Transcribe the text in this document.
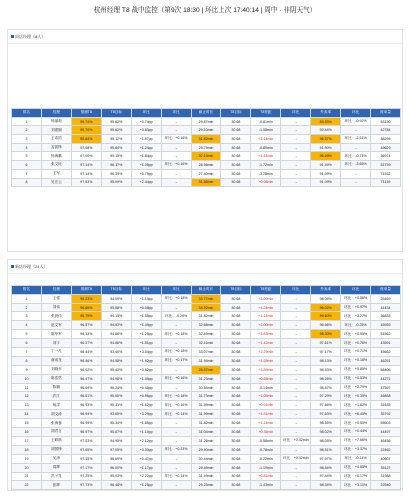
杭州经理 T8 战中监控（第9次 18:30 | 环比上次 17:40:14 | 周中 · 非阴天气）
同店经理（8人）
排名	经理	预测T8	T8目标	环比	环比	截止时长	T8目标	T8差距	环比	外卖率	环比	账单量
1	杨丽莉	99.74%	95.62%	+0.74pp	→	29.87min	30.68	-0.81min	→	89.93%	环比：-0.92%	63150
2	刘建刚	95.70%	95.62%	+0.63pp	→	29.10min	30.68	-1.58min	→	92.44%	→	42784
3	王希国	90.84%	95.12%	+1.97pp	环比：+0.16%	31.82min	30.68	+1.14min	→	96.57%	环比：-2.51%	38295
4	孟凯锋	97.08%	95.84%	+1.24pp	→	29.79min	30.68	-0.89min	→	91.90%	→	49629
5	杨海鹏	97.00%	95.15%	+1.84pp	→	32.13min	30.68	+1.44min	→	96.49%	环比：-0.74%	36974
6	张文旺	97.14%	96.17%	+1.05pp	环比：+0.16%	28.96min	30.68	-1.72min	→	91.49%	环比：-3.65%	51759
7	王军	97.14%	96.39%	+0.75pp	→	27.40min	30.68	-3.28min	→	91.09%	→	71532
8	吴宏云	97.53%	95.09%	+2.44pp	→	31.66min	30.68	+0.98min	→	91.09%	→	71139
新店经理（24人）
排名	经理	预测T8	T8目标	环比	环比	截止时长	T8目标	T8差距	环比	外卖率	环比	账单量
1	王强	95.23%	94.09%	+1.14pp	环比：+0.18%	33.77min	30.68	+3.09min	→	98.04%	环比：+0.56%	25469
2	刘伟	96.66%	95.58%	+0.08pp	→	34.92min	30.68	+4.24min	→	96.02%	环比：+0.97%	44434
3	张晨伟	95.75%	94.15%	+1.55pp	环比：-0.20%	31.82min	30.68	+1.14min	→	99.60%	环比：+3.27%	36835
4	赵文军	96.57%	94.53%	+1.49pp	→	32.68min	30.68	+2.00min	→	96.66%	环比：-0.25%	45959
5	陈华军	96.13%	94.86%	+1.25pp	环比：+0.18%	32.49min	30.68	+1.83min	→	98.30%	环比：+0.55%	51562
6	刘宇	96.37%	94.86%	+1.51pp	→	32.11min	30.68	+1.42min	→	97.61%	环比：+0.76%	43591
7	丁一凡	96.44%	93.40%	+3.04pp	环比：+0.18%	33.07min	30.68	+2.29min	→	97.17%	环比：+0.71%	45662
8	谢成龙	96.46%	94.58%	+1.92pp	环比：+0.17%	31.94min	30.68	+1.28min	→	98.13%	环比：+0.18%	46251
9	刘晓东	96.02%	95.42%	+0.62pp	→	28.57min	30.68	+3.89min	→	98.53%	环比：+0.85%	58406
10	陈浩然	96.47%	94.98%	+1.49pp	环比：+0.16%	31.23min	30.68	+0.55min	→	98.26%	环比：+0.53%	44271
11	陈鹏	96.69%	96.24%	+0.45pp	→	30.54min	30.68	-0.14min	→	98.87%	环比：+2.79%	47597
12	庐江	96.61%	95.65%	+0.96pp	环比：+0.18%	31.73min	30.68	+1.05min	→	97.29%	环比：+0.35%	46858
13	杨洋	96.93%	95.31%	+1.62pp	环比：+0.16%	31.59min	30.68	+0.91min	→	97.66%	环比：+1.82%	31635
14	胡文涛	96.94%	93.65%	+3.29pp	环比：+0.14%	31.99min	30.68	+1.31min	→	97.63%	环比：+6.45%	35792
15	张海蓉	96.99%	95.34%	+1.65pp	→	31.82min	30.68	+1.14min	→	98.55%	环比：+0.50%	55503
16	胡君言	96.97%	95.87%	+1.10pp	→	31.04min	30.68	+0.36min	→	98.02%	环比：+0.44%	44497
17	王畔斯	97.03%	94.95%	+2.12pp	→	31.26min	30.68	-0.58min	环比：+0.42min	98.05%	环比：+7.66%	46456
18	胡国锋	97.05%	97.05%	+0.00pp	环比：+0.23%	29.90min	30.68	-0.78min	→	98.51%	环比：+3.37%	22462
19	吴涛	97.15%	96.69%	+0.47pp	→	30.44min	30.68	-0.22min	环比：+0.42min	97.97%	环比：-0.14%	40607
20	周辉	97.17%	96.00%	+1.17pp	→	29.49min	30.68	-1.19min	→	98.84%	环比：+4.85%	35127
21	冯子龙	97.25%	95.03%	+2.22pp	环比：+0.14%	31.49min	30.68	+0.81min	→	97.44%	环比：+0.17%	31988
22	张辉	97.73%	96.48%	+1.25pp	→	29.25min	30.68	-1.43min	→	98.34%	环比：+3.10%	22540
